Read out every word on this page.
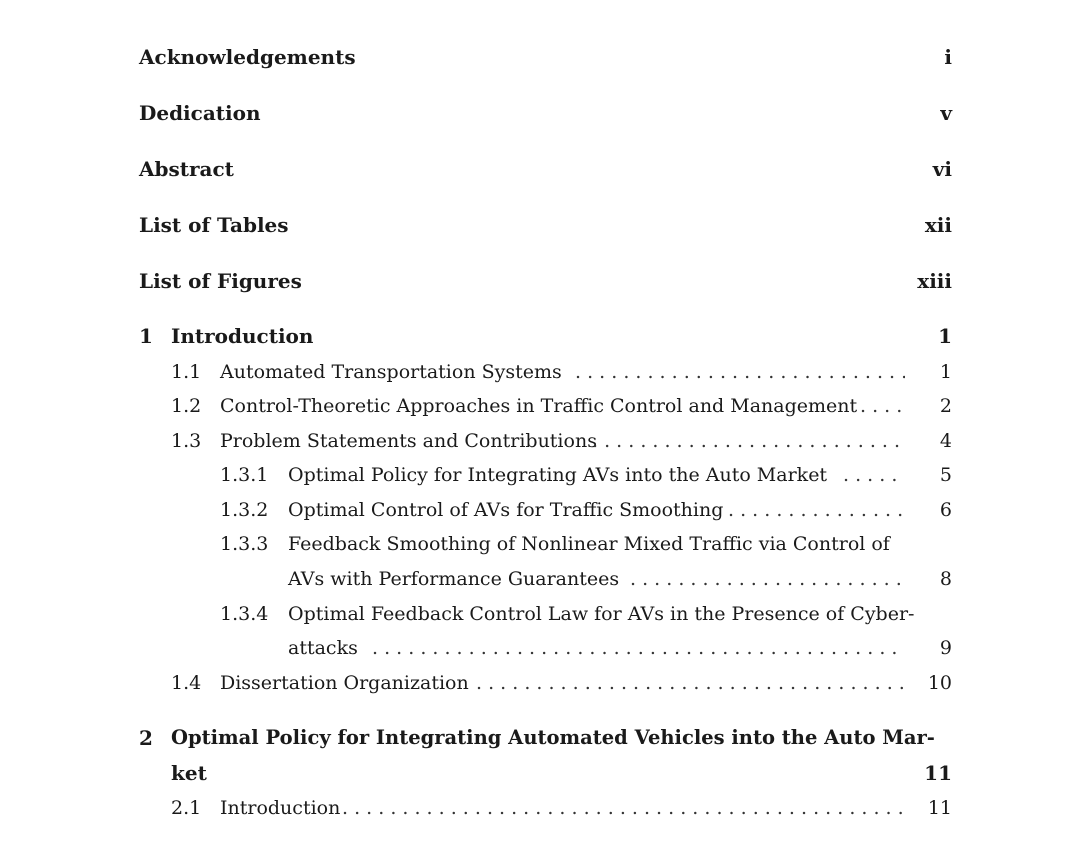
Acknowledgements	i
Dedication	v
Abstract	vi
List of Tables	xii
List of Figures	xiii
1 Introduction	1
1.1 Automated Transportation Systems . . .	1
1.2 Control-Theoretic Approaches in Traffic Control and Management . . .	2
1.3 Problem Statements and Contributions . . .	4
1.3.1 Optimal Policy for Integrating AVs into the Auto Market . . .	5
1.3.2 Optimal Control of AVs for Traffic Smoothing . . .	6
1.3.3 Feedback Smoothing of Nonlinear Mixed Traffic via Control of
AVs with Performance Guarantees . . .	8
1.3.4 Optimal Feedback Control Law for AVs in the Presence of Cyber-
attacks . . .	9
1.4 Dissertation Organization . . .	10
2 Optimal Policy for Integrating Automated Vehicles into the Auto Mar-
ket	11
2.1 Introduction . . .	11
